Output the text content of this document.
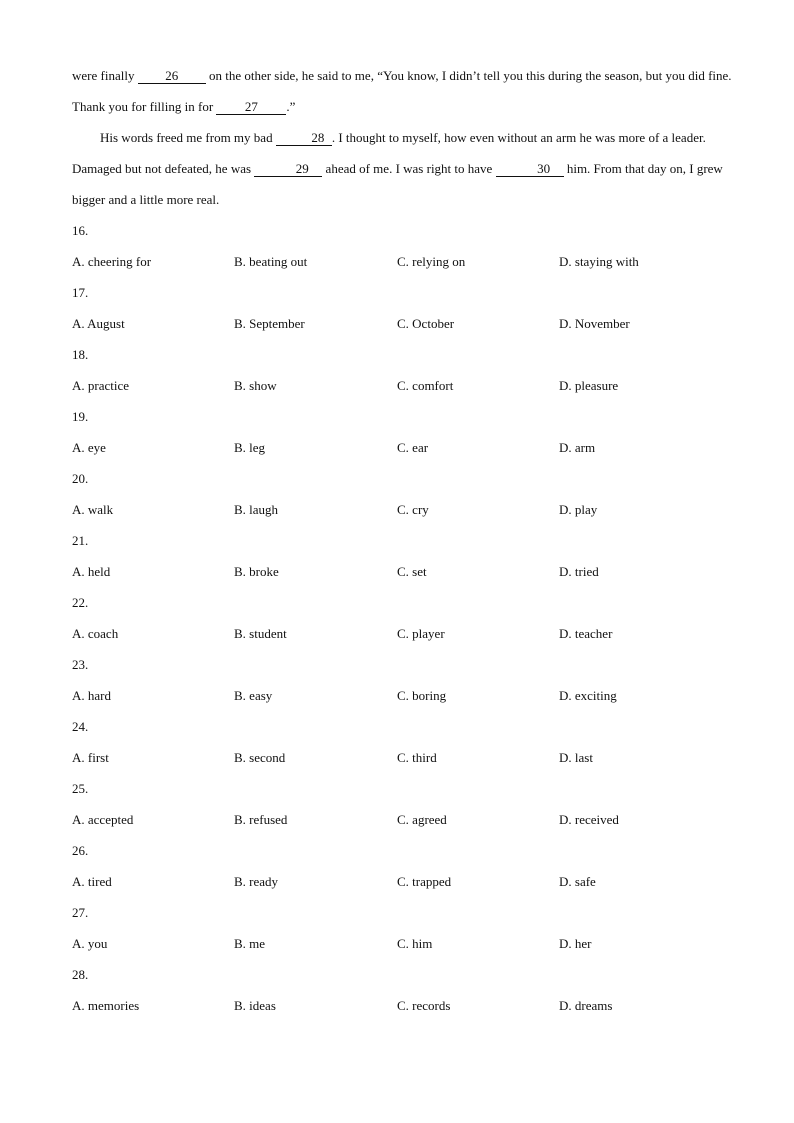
were finally 26 on the other side, he said to me, “You know, I didn’t tell you this during the season, but you did fine. Thank you for filling in for 27 .”

His words freed me from my bad	28 . I thought to myself, how even without an arm he was more of a leader. Damaged but not defeated, he was	29 ahead of me. I was right to have	30 him. From that day on, I grew bigger and a little more real.

16.
A. cheering for	B. beating out	C. relying on	D. staying with
17.
A. August	B. September	C. October	D. November
18.
A. practice	B. show	C. comfort	D. pleasure
19.
A. eye	B. leg	C. ear	D. arm
20.
A. walk	B. laugh	C. cry	D. play
21.
A. held	B. broke	C. set	D. tried
22.
A. coach	B. student	C. player	D. teacher
23.
A. hard	B. easy	C. boring	D. exciting
24.
A. first	B. second	C. third	D. last
25.
A. accepted	B. refused	C. agreed	D. received
26.
A. tired	B. ready	C. trapped	D. safe
27.
A. you	B. me	C. him	D. her
28.
A. memories	B. ideas	C. records	D. dreams
